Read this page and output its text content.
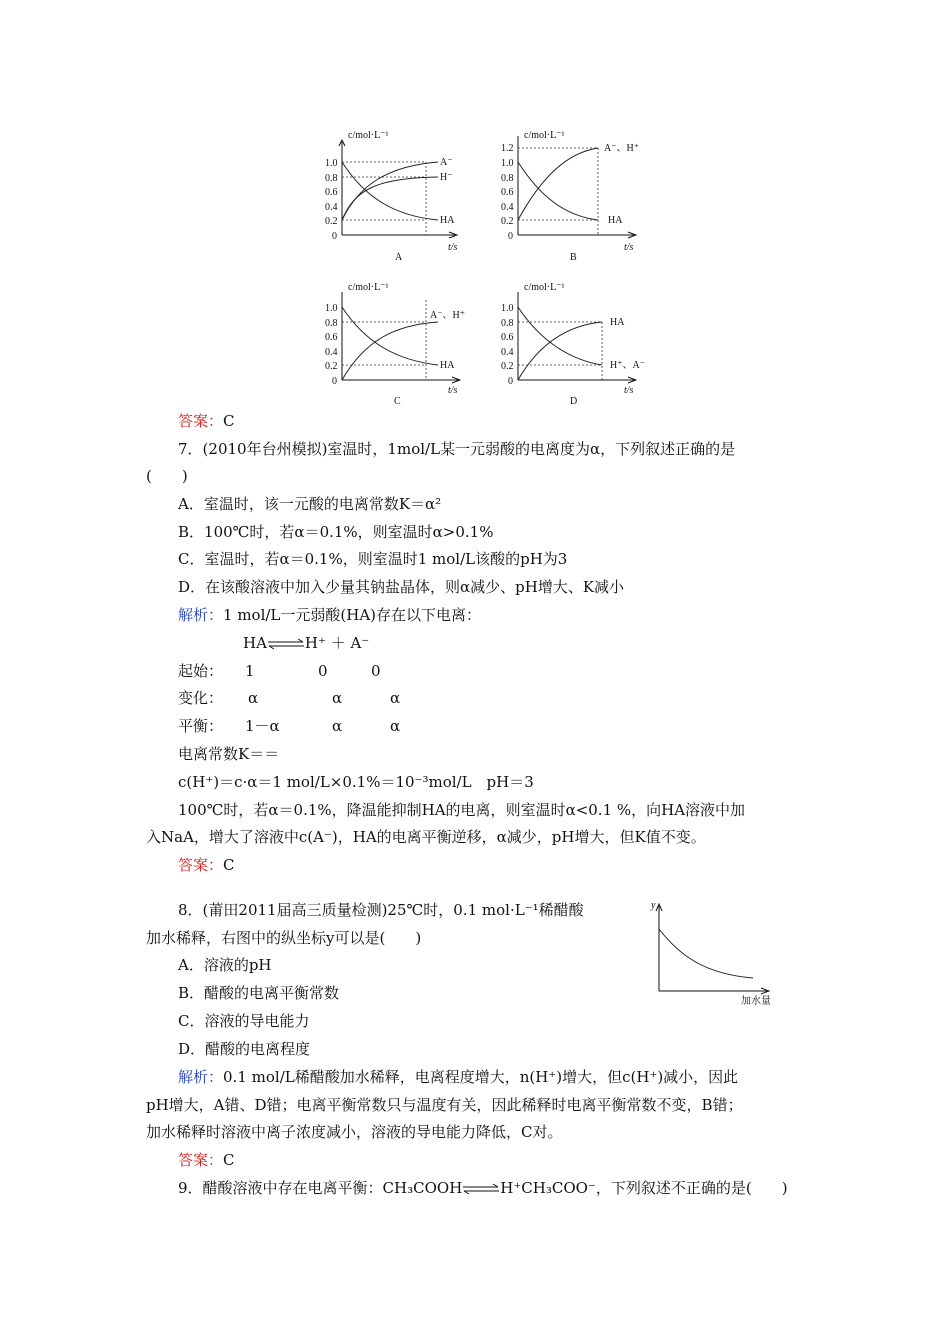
c/mol·L⁻¹
1.0
0.8
0.6
0.4
0.2
0
A⁻
H⁻
HA
t/s
A
c/mol·L⁻¹
1.2
1.0
0.8
0.6
0.4
0.2
0
A⁻、H⁺
HA
t/s
B
c/mol·L⁻¹
1.0
0.8
0.6
0.4
0.2
0
A⁻、H⁺
HA
t/s
C
c/mol·L⁻¹
1.0
0.8
0.6
0.4
0.2
0
HA
H⁺、A⁻
t/s
D
答案：C
7．(2010年台州模拟)室温时，1mol/L某一元弱酸的电离度为α，下列叙述正确的是
(　　)
A．室温时，该一元酸的电离常数K＝α²
B．100℃时，若α＝0.1%，则室温时α>0.1%
C．室温时，若α＝0.1%，则室温时1 mol/L该酸的pH为3
D．在该酸溶液中加入少量其钠盐晶体，则α减少、pH增大、K减小
解析：1 mol/L一元弱酸(HA)存在以下电离：
HA⇌H⁺ ＋ A⁻
起始： 1	0	0
变化： α	α	α
平衡： 1－α	α	α
电离常数K＝＝
c(H⁺)＝c·α＝1 mol/L×0.1%＝10⁻³mol/L　pH＝3
100℃时，若α＝0.1%，降温能抑制HA的电离，则室温时α<0.1 %，向HA溶液中加
入NaA，增大了溶液中c(A⁻)，HA的电离平衡逆移，α减少，pH增大，但K值不变。
答案：C
8．(莆田2011届高三质量检测)25℃时，0.1 mol·L⁻¹稀醋酸
加水稀释，右图中的纵坐标y可以是(　　)
A．溶液的pH
B．醋酸的电离平衡常数
C．溶液的导电能力
D．醋酸的电离程度
y
加水量
解析：0.1 mol/L稀醋酸加水稀释，电离程度增大，n(H⁺)增大，但c(H⁺)减小，因此
pH增大，A错、D错；电离平衡常数只与温度有关，因此稀释时电离平衡常数不变，B错；
加水稀释时溶液中离子浓度减小，溶液的导电能力降低，C对。
答案：C
9．醋酸溶液中存在电离平衡：CH₃COOH⇌H⁺CH₃COO⁻，下列叙述不正确的是(　　)
